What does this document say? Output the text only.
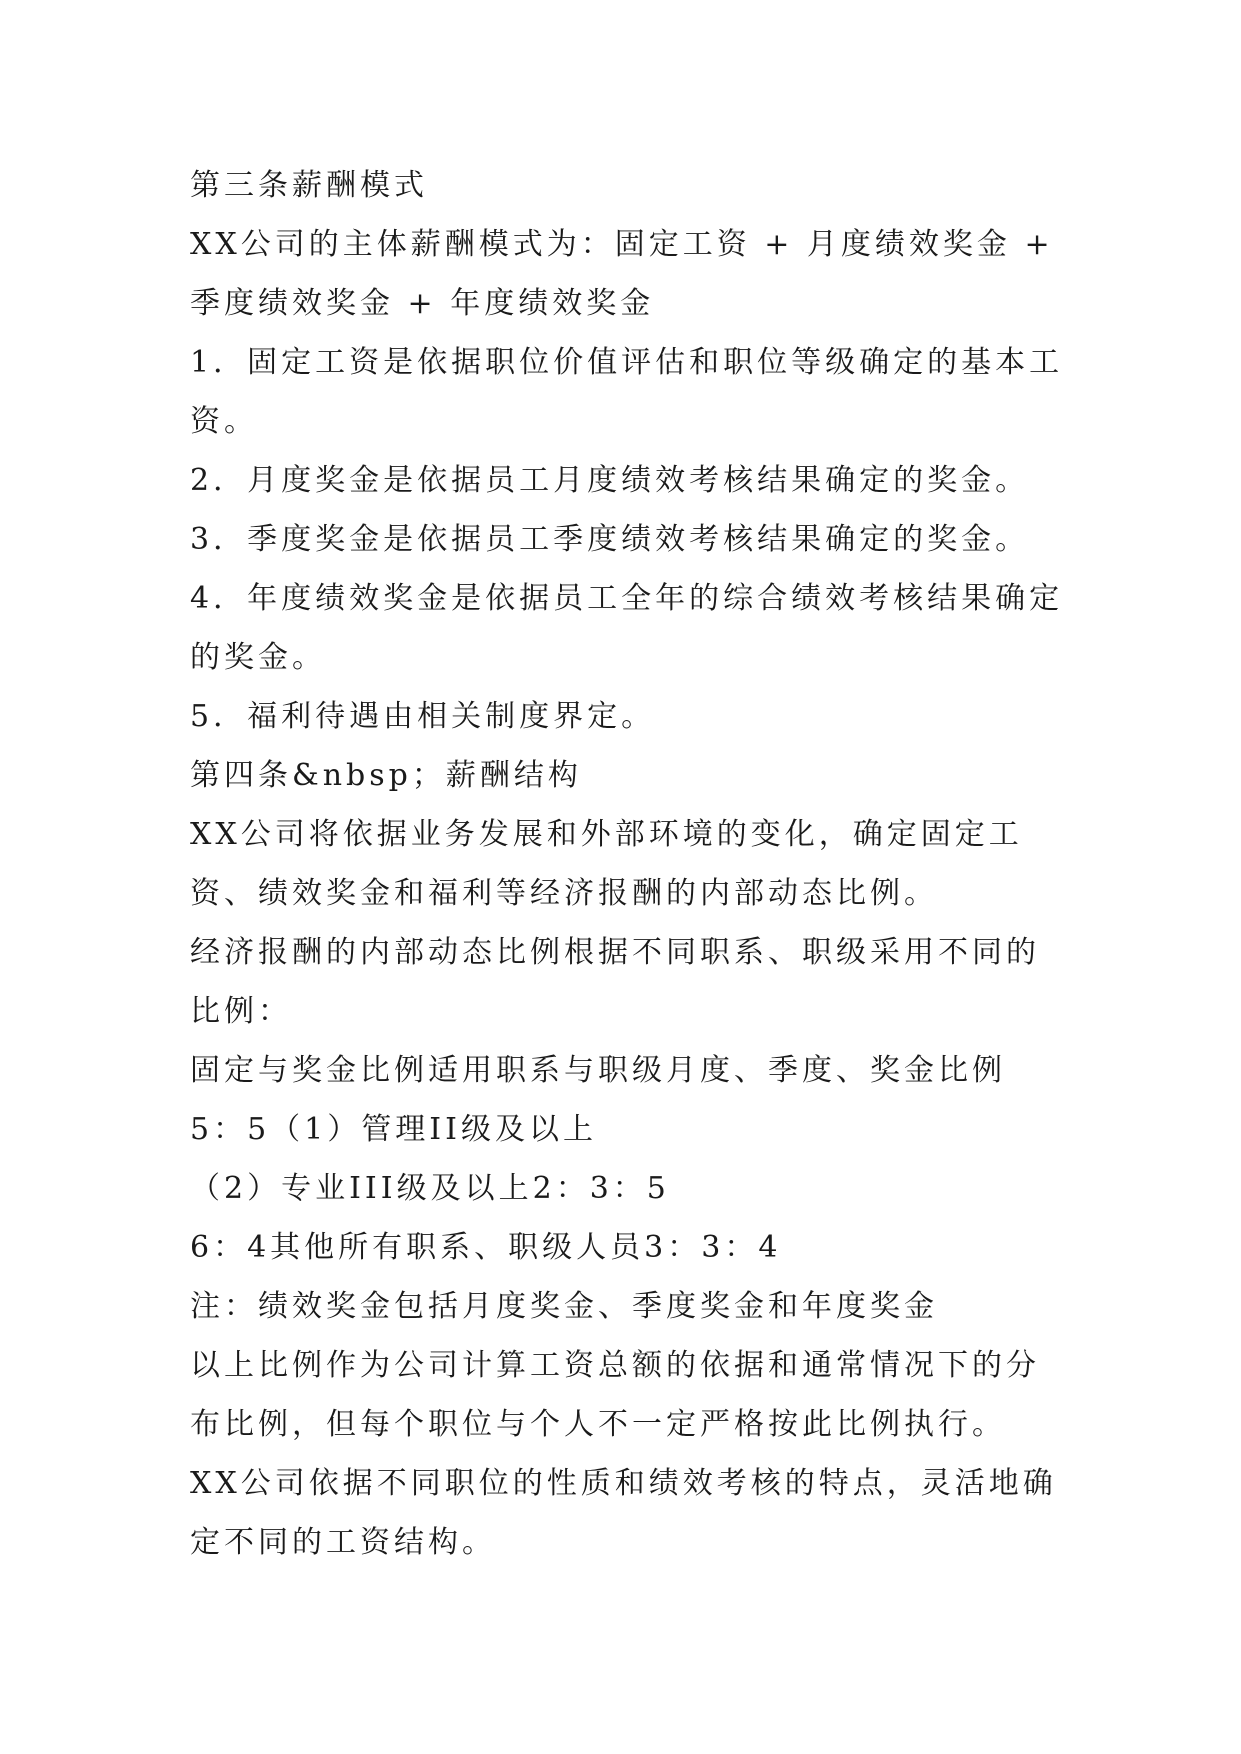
第三条薪酬模式

XX公司的主体薪酬模式为：固定工资 + 月度绩效奖金 + 季度绩效奖金 + 年度绩效奖金

1．固定工资是依据职位价值评估和职位等级确定的基本工资。

2．月度奖金是依据员工月度绩效考核结果确定的奖金。

3．季度奖金是依据员工季度绩效考核结果确定的奖金。

4．年度绩效奖金是依据员工全年的综合绩效考核结果确定的奖金。

5．福利待遇由相关制度界定。

第四条&nbsp；薪酬结构

XX公司将依据业务发展和外部环境的变化，确定固定工资、绩效奖金和福利等经济报酬的内部动态比例。

经济报酬的内部动态比例根据不同职系、职级采用不同的比例：

固定与奖金比例适用职系与职级月度、季度、奖金比例

5：5（1）管理II级及以上

（2）专业III级及以上2：3：5

6：4其他所有职系、职级人员3：3：4

注：绩效奖金包括月度奖金、季度奖金和年度奖金

以上比例作为公司计算工资总额的依据和通常情况下的分布比例，但每个职位与个人不一定严格按此比例执行。

XX公司依据不同职位的性质和绩效考核的特点，灵活地确定不同的工资结构。
